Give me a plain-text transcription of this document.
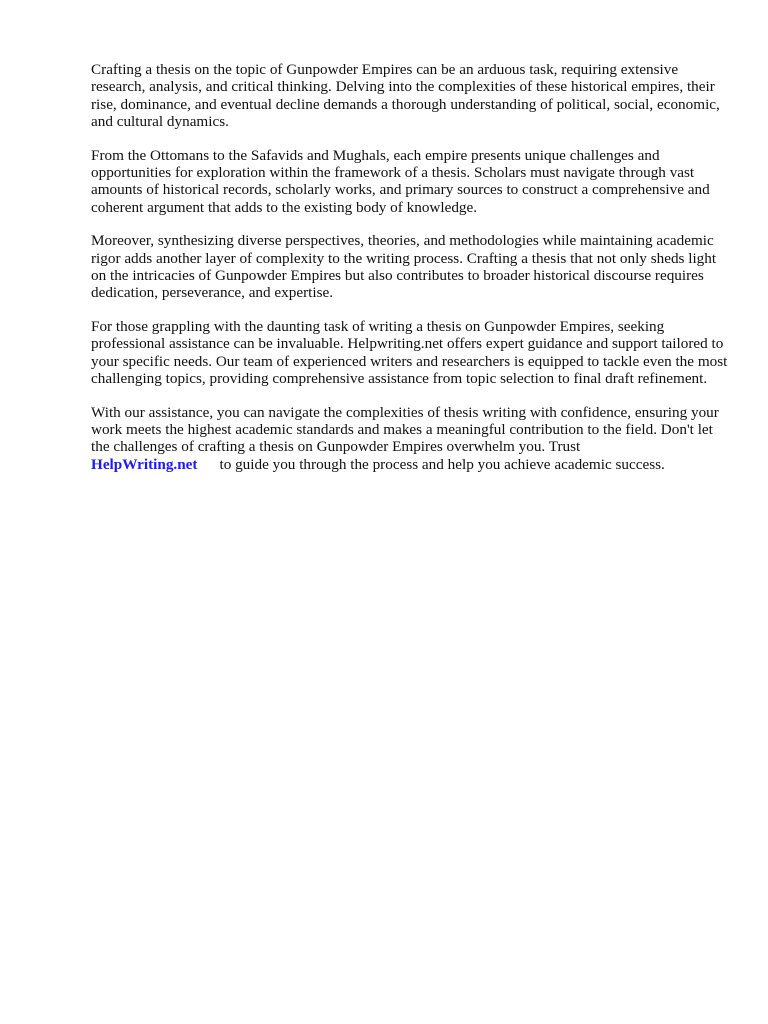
Crafting a thesis on the topic of Gunpowder Empires can be an arduous task, requiring extensive research, analysis, and critical thinking. Delving into the complexities of these historical empires, their rise, dominance, and eventual decline demands a thorough understanding of political, social, economic, and cultural dynamics.

From the Ottomans to the Safavids and Mughals, each empire presents unique challenges and opportunities for exploration within the framework of a thesis. Scholars must navigate through vast amounts of historical records, scholarly works, and primary sources to construct a comprehensive and coherent argument that adds to the existing body of knowledge.

Moreover, synthesizing diverse perspectives, theories, and methodologies while maintaining academic rigor adds another layer of complexity to the writing process. Crafting a thesis that not only sheds light on the intricacies of Gunpowder Empires but also contributes to broader historical discourse requires dedication, perseverance, and expertise.

For those grappling with the daunting task of writing a thesis on Gunpowder Empires, seeking professional assistance can be invaluable. Helpwriting.net offers expert guidance and support tailored to your specific needs. Our team of experienced writers and researchers is equipped to tackle even the most challenging topics, providing comprehensive assistance from topic selection to final draft refinement.

With our assistance, you can navigate the complexities of thesis writing with confidence, ensuring your work meets the highest academic standards and makes a meaningful contribution to the field. Don't let the challenges of crafting a thesis on Gunpowder Empires overwhelm you. Trust
HelpWriting.net to guide you through the process and help you achieve academic success.
